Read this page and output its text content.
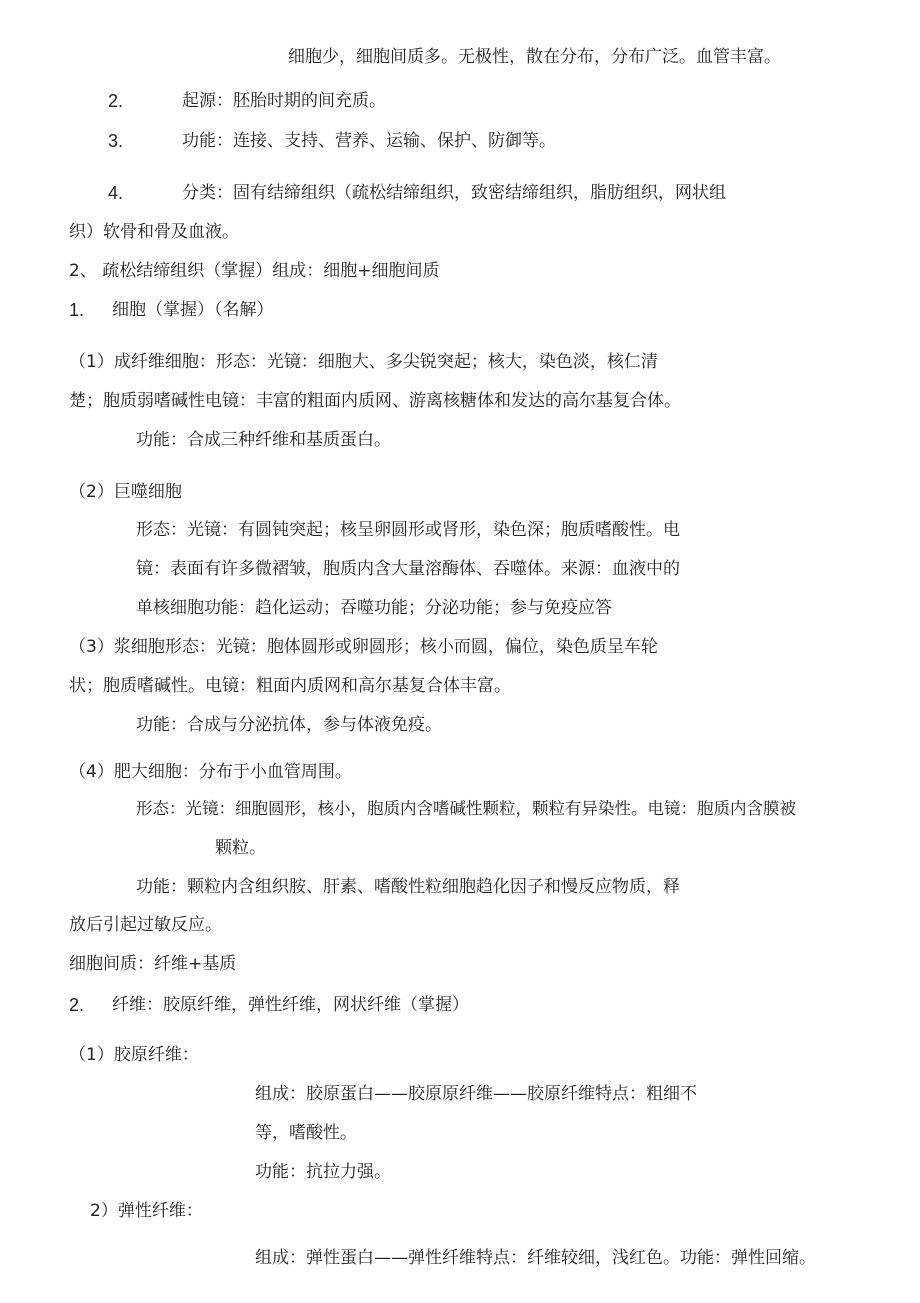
细胞少，细胞间质多。无极性，散在分布，分布广泛。血管丰富。
2.	起源：胚胎时期的间充质。
3.	功能：连接、支持、营养、运输、保护、防御等。
4.	分类：固有结缔组织（疏松结缔组织，致密结缔组织，脂肪组织，网状组
织）软骨和骨及血液。
2、 疏松结缔组织（掌握）组成：细胞+细胞间质
1. 细胞（掌握）（名解）
（1）成纤维细胞：形态：光镜：细胞大、多尖锐突起；核大，染色淡，核仁清
楚；胞质弱嗜碱性电镜：丰富的粗面内质网、游离核糖体和发达的高尔基复合体。
功能：合成三种纤维和基质蛋白。
（2）巨噬细胞
形态：光镜：有圆钝突起；核呈卵圆形或肾形，染色深；胞质嗜酸性。电
镜：表面有许多微褶皱，胞质内含大量溶酶体、吞噬体。来源：血液中的
单核细胞功能：趋化运动；吞噬功能；分泌功能；参与免疫应答
（3）浆细胞形态：光镜：胞体圆形或卵圆形；核小而圆，偏位，染色质呈车轮
状；胞质嗜碱性。电镜：粗面内质网和高尔基复合体丰富。
功能：合成与分泌抗体，参与体液免疫。
（4）肥大细胞：分布于小血管周围。
形态：光镜：细胞圆形，核小，胞质内含嗜碱性颗粒，颗粒有异染性。电镜：胞质内含膜被
颗粒。
功能：颗粒内含组织胺、肝素、嗜酸性粒细胞趋化因子和慢反应物质，释
放后引起过敏反应。
细胞间质：纤维+基质
2. 纤维：胶原纤维，弹性纤维，网状纤维（掌握）
（1）胶原纤维：
组成：胶原蛋白——胶原原纤维——胶原纤维特点：粗细不
等，嗜酸性。
功能：抗拉力强。
2）弹性纤维：
组成：弹性蛋白——弹性纤维特点：纤维较细，浅红色。功能：弹性回缩。
